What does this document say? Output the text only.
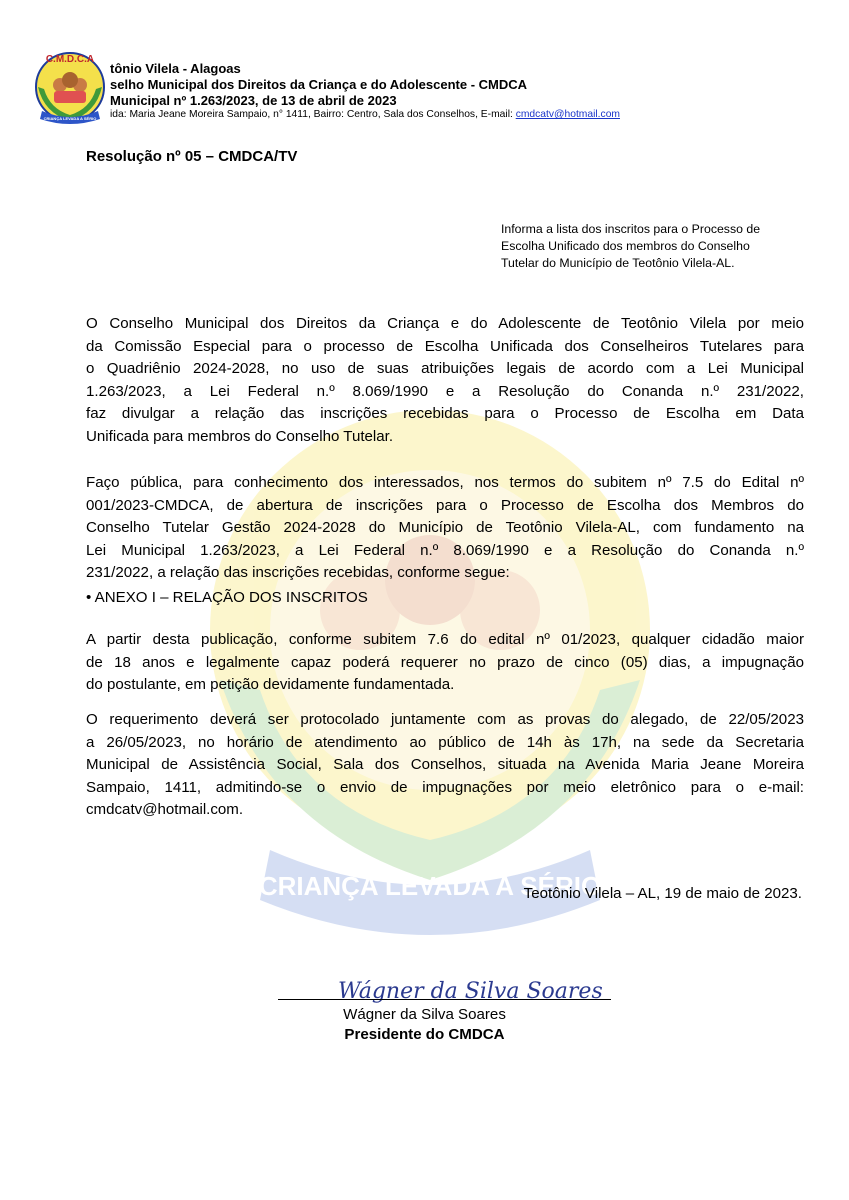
CRIANÇA LEVADA A SÉRIO
C.M.D.C.A
CRIANÇA LEVADA A SÉRIO
tônio Vilela - Alagoas
selho Municipal dos Direitos da Criança e do Adolescente - CMDCA
Municipal nº 1.263/2023, de 13 de abril de 2023
ida: Maria Jeane Moreira Sampaio, n° 1411, Bairro: Centro, Sala dos Conselhos, E-mail: cmdcatv@hotmail.com
Resolução nº 05 – CMDCA/TV
Informa a lista dos inscritos para o Processo de
Escolha Unificado dos membros do Conselho
Tutelar do Município de Teotônio Vilela-AL.
O Conselho Municipal dos Direitos da Criança e do Adolescente de Teotônio Vilela por meio
da Comissão Especial para o processo de Escolha Unificada dos Conselheiros Tutelares para
o Quadriênio 2024-2028, no uso de suas atribuições legais de acordo com a Lei Municipal
1.263/2023, a Lei Federal n.º 8.069/1990 e a Resolução do Conanda n.º 231/2022,
faz divulgar a relação das inscrições recebidas para o Processo de Escolha em Data
Unificada para membros do Conselho Tutelar.
Faço pública, para conhecimento dos interessados, nos termos do subitem nº 7.5 do Edital nº
001/2023-CMDCA, de abertura de inscrições para o Processo de Escolha dos Membros do
Conselho Tutelar Gestão 2024-2028 do Município de Teotônio Vilela-AL, com fundamento na
Lei Municipal 1.263/2023, a Lei Federal n.º 8.069/1990 e a Resolução do Conanda n.º
231/2022, a relação das inscrições recebidas, conforme segue:
• ANEXO I – RELAÇÃO DOS INSCRITOS
A partir desta publicação, conforme subitem 7.6 do edital nº 01/2023, qualquer cidadão maior
de 18 anos e legalmente capaz poderá requerer no prazo de cinco (05) dias, a impugnação
do postulante, em petição devidamente fundamentada.
O requerimento deverá ser protocolado juntamente com as provas do alegado, de 22/05/2023
a 26/05/2023, no horário de atendimento ao público de 14h às 17h, na sede da Secretaria
Municipal de Assistência Social, Sala dos Conselhos, situada na Avenida Maria Jeane Moreira
Sampaio, 1411, admitindo-se o envio de impugnações por meio eletrônico para o e-mail:
cmdcatv@hotmail.com.
Teotônio Vilela – AL, 19 de maio de 2023.
Wágner da Silva Soares
Wágner da Silva Soares
Presidente do CMDCA
